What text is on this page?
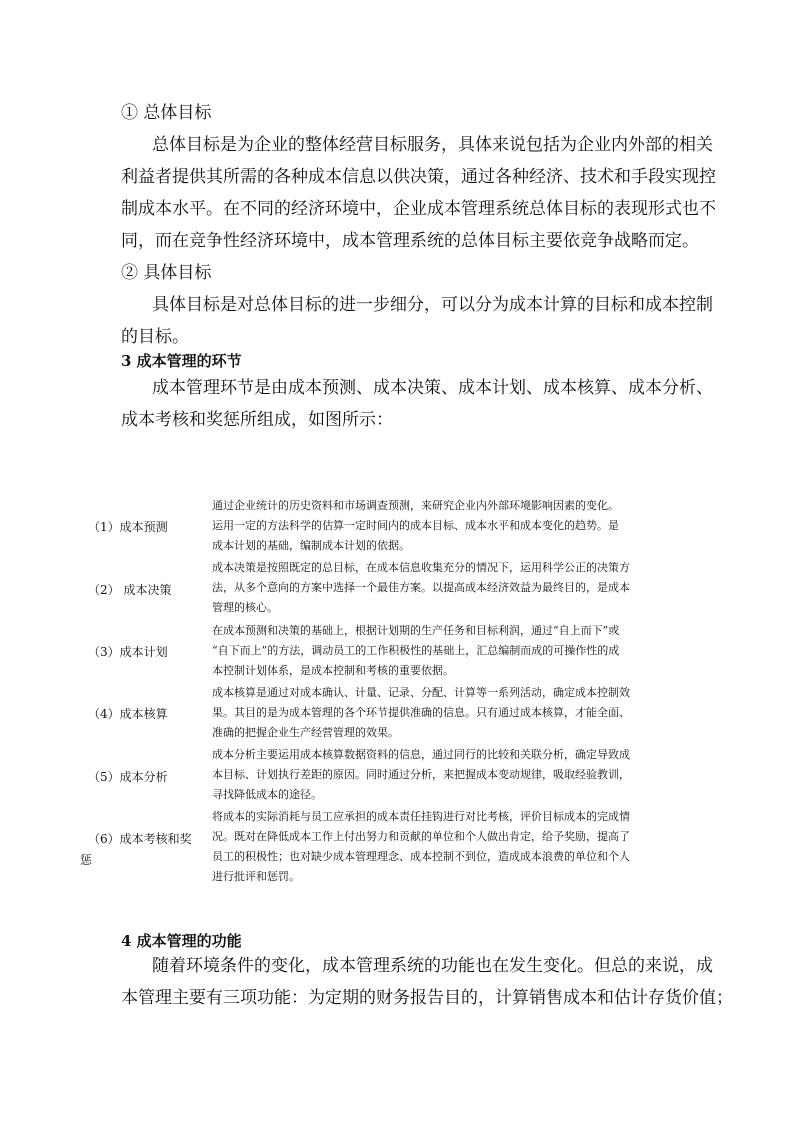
① 总体目标
总体目标是为企业的整体经营目标服务，具体来说包括为企业内外部的相关
利益者提供其所需的各种成本信息以供决策，通过各种经济、技术和手段实现控
制成本水平。在不同的经济环境中，企业成本管理系统总体目标的表现形式也不
同，而在竞争性经济环境中，成本管理系统的总体目标主要依竞争战略而定。
② 具体目标
具体目标是对总体目标的进一步细分，可以分为成本计算的目标和成本控制
的目标。
3 成本管理的环节
成本管理环节是由成本预测、成本决策、成本计划、成本核算、成本分析、
成本考核和奖惩所组成，如图所示：
（1）成本预测
通过企业统计的历史资料和市场调查预测，来研究企业内外部环境影响因素的变化。
运用一定的方法科学的估算一定时间内的成本目标、成本水平和成本变化的趋势。是
成本计划的基础，编制成本计划的依据。
（2） 成本决策
成本决策是按照既定的总目标，在成本信息收集充分的情况下，运用科学公正的决策方
法，从多个意向的方案中选择一个最佳方案。以提高成本经济效益为最终目的，是成本
管理的核心。
（3）成本计划
在成本预测和决策的基础上，根据计划期的生产任务和目标利润，通过“自上而下”或
“自下而上”的方法，调动员工的工作积极性的基础上，汇总编制而成的可操作性的成
本控制计划体系，是成本控制和考核的重要依据。
（4）成本核算
成本核算是通过对成本确认、计量、记录、分配、计算等一系列活动，确定成本控制效
果。其目的是为成本管理的各个环节提供准确的信息。只有通过成本核算，才能全面、
准确的把握企业生产经营管理的效果。
（5）成本分析
成本分析主要运用成本核算数据资料的信息，通过同行的比较和关联分析，确定导致成
本目标、计划执行差距的原因。同时通过分析，来把握成本变动规律，吸取经验教训，
寻找降低成本的途径。
（6）成本考核和奖
惩
将成本的实际消耗与员工应承担的成本责任挂钩进行对比考核，评价目标成本的完成情
况。既对在降低成本工作上付出努力和贡献的单位和个人做出肯定，给予奖励，提高了
员工的积极性；也对缺少成本管理理念、成本控制不到位，造成成本浪费的单位和个人
进行批评和惩罚。
4 成本管理的功能
随着环境条件的变化，成本管理系统的功能也在发生变化。但总的来说，成
本管理主要有三项功能：为定期的财务报告目的，计算销售成本和估计存货价值；
